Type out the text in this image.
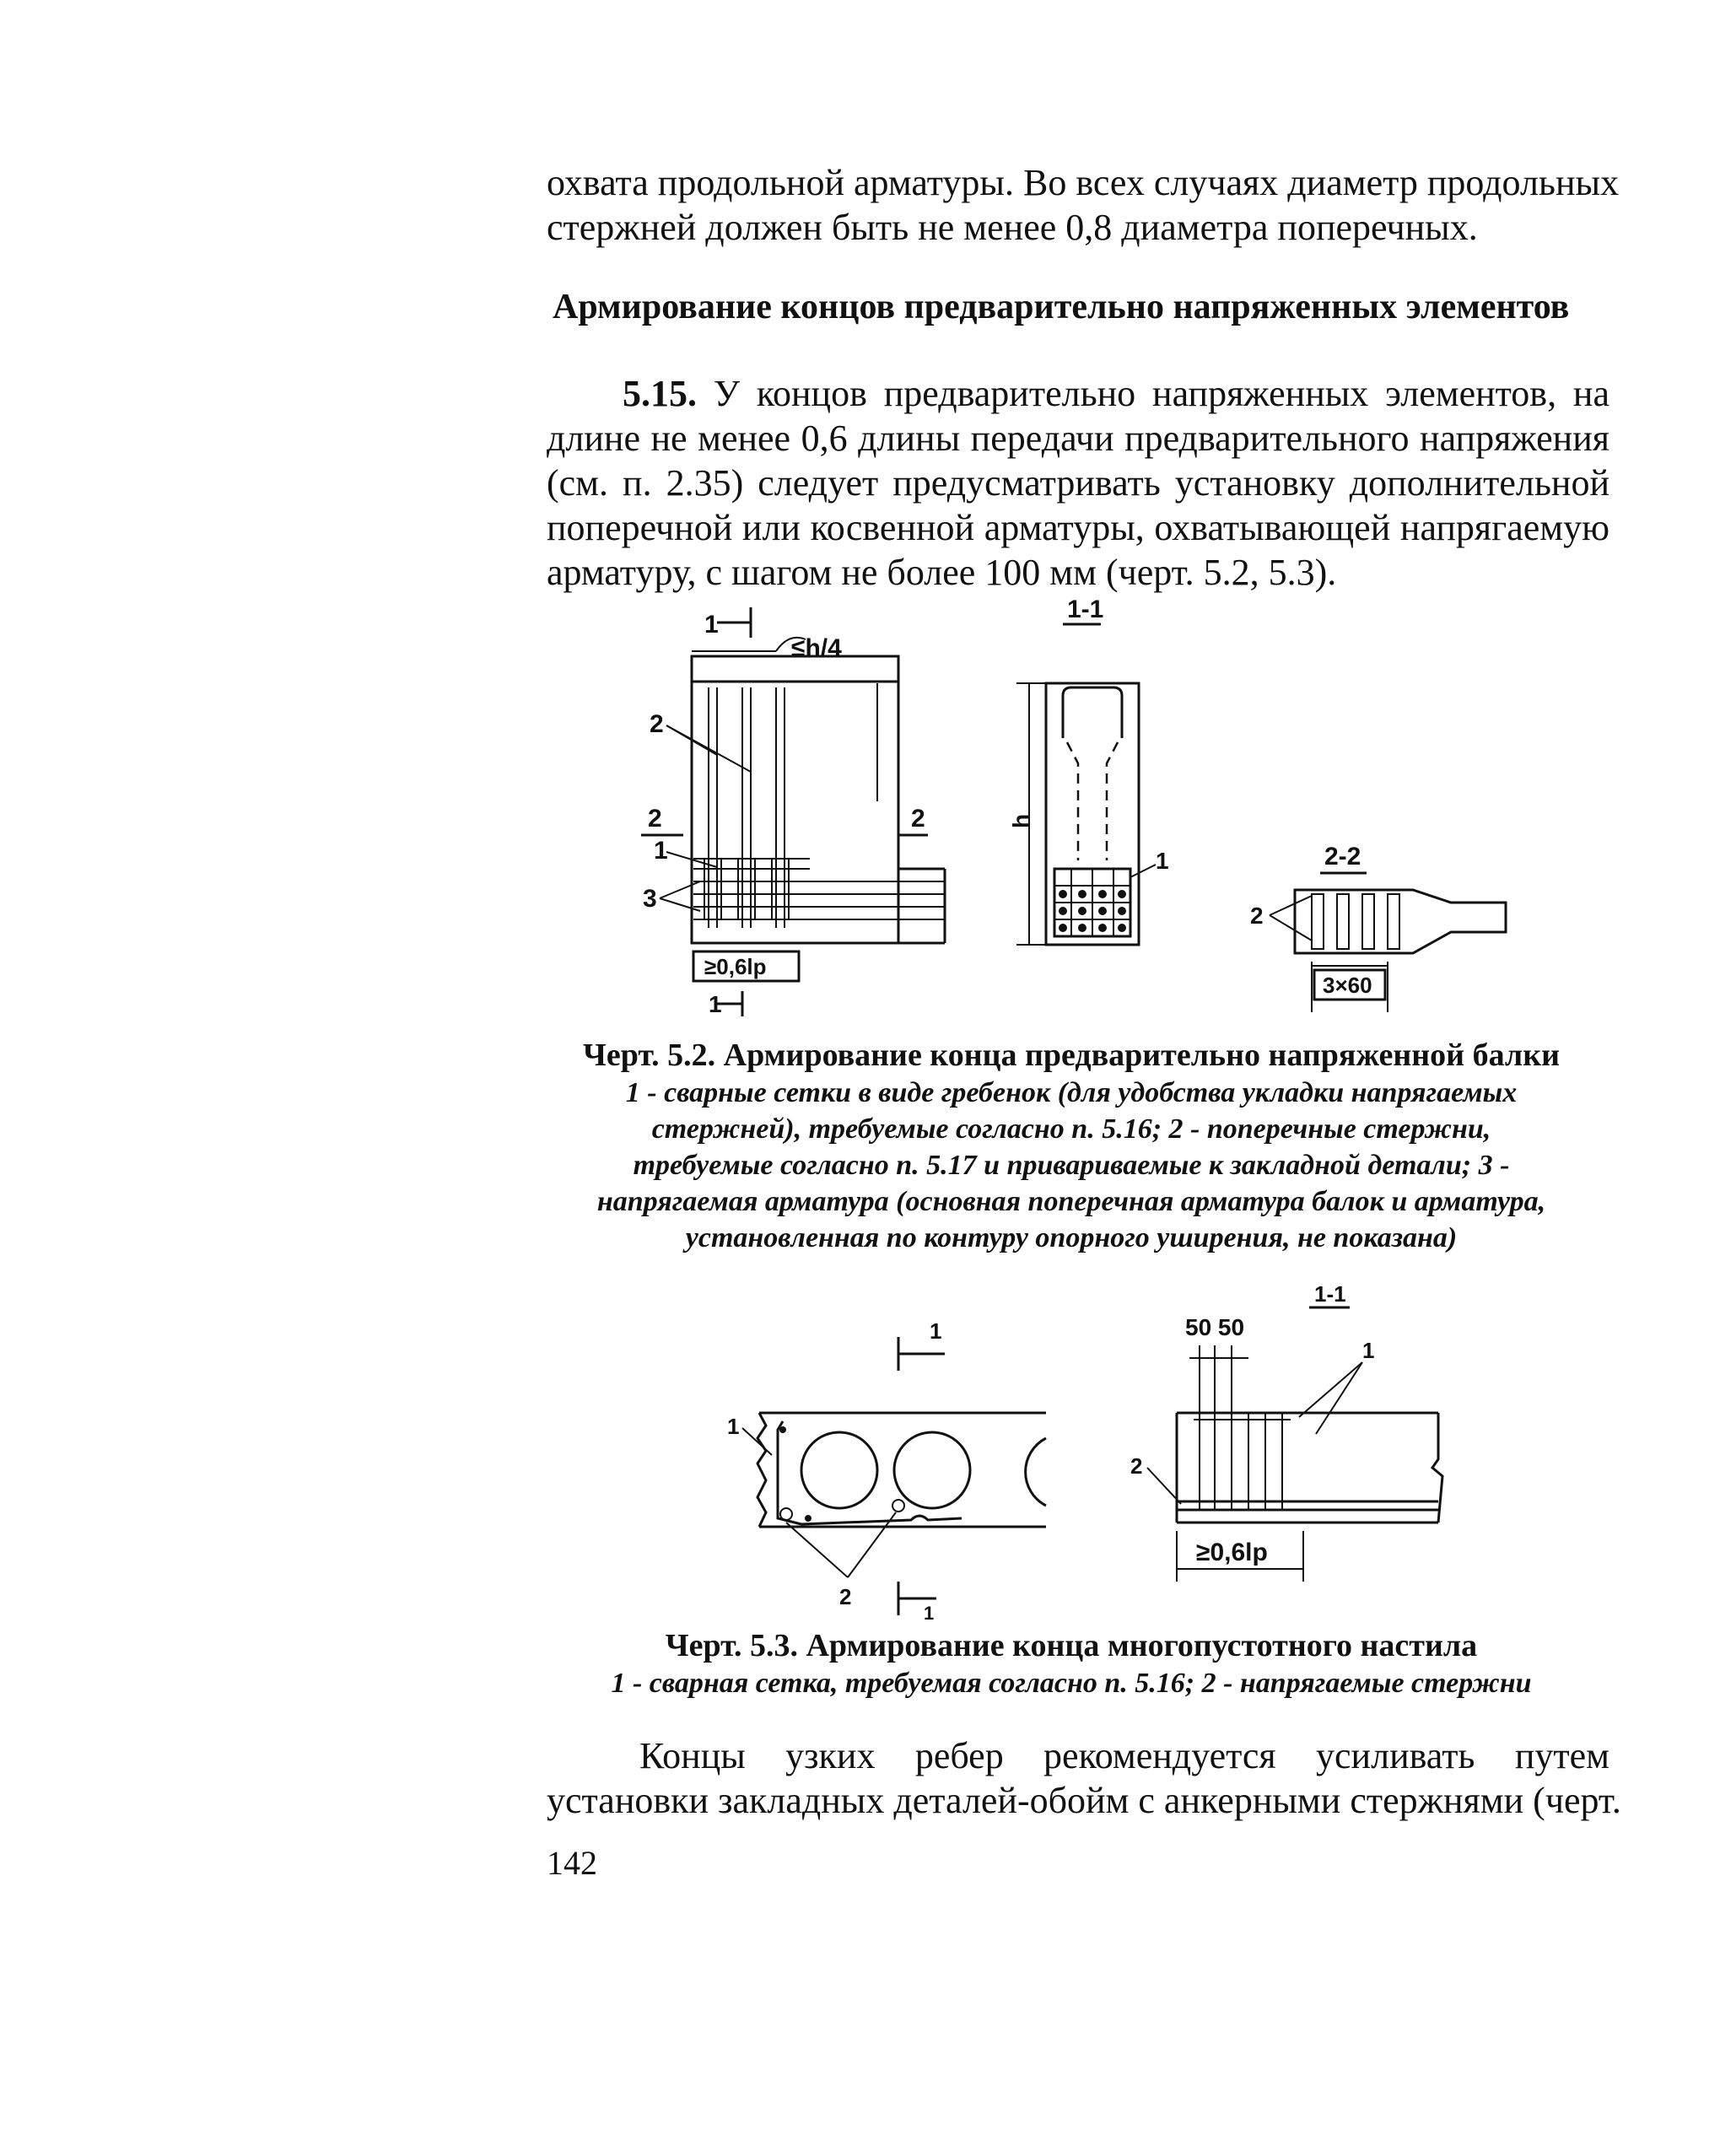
охвата продольной арматуры. Во всех случаях диаметр продольных
стержней должен быть не менее 0,8 диаметра поперечных.
Армирование концов предварительно напряженных элементов
5.15. У концов предварительно напряженных элементов, на
длине не менее 0,6 длины передачи предварительного напряжения
(см. п. 2.35) следует предусматривать установку дополнительной
поперечной или косвенной арматуры, охватывающей напрягаемую
арматуру, с шагом не более 100 мм (черт. 5.2, 5.3).
1
≤h/4
2
2
1
3
2
≥0,6lp
1
1-1
h
1	2-2
2
3×60
Черт. 5.2. Армирование конца предварительно напряженной балки
1 - сварные сетки в виде гребенок (для удобства укладки напрягаемых
стержней), требуемые согласно п. 5.16; 2 - поперечные стержни,
требуемые согласно п. 5.17 и привариваемые к закладной детали; 3 -
напрягаемая арматура (основная поперечная арматура балок и арматура,
установленная по контуру опорного уширения, не показана)
1
1
2
1
1-1
50 50
1
2
≥0,6lp
Черт. 5.3. Армирование конца многопустотного настила
1 - сварная сетка, требуемая согласно п. 5.16; 2 - напрягаемые стержни
Концы узких ребер рекомендуется усиливать путем
установки закладных деталей-обойм с анкерными стержнями (черт.
142
